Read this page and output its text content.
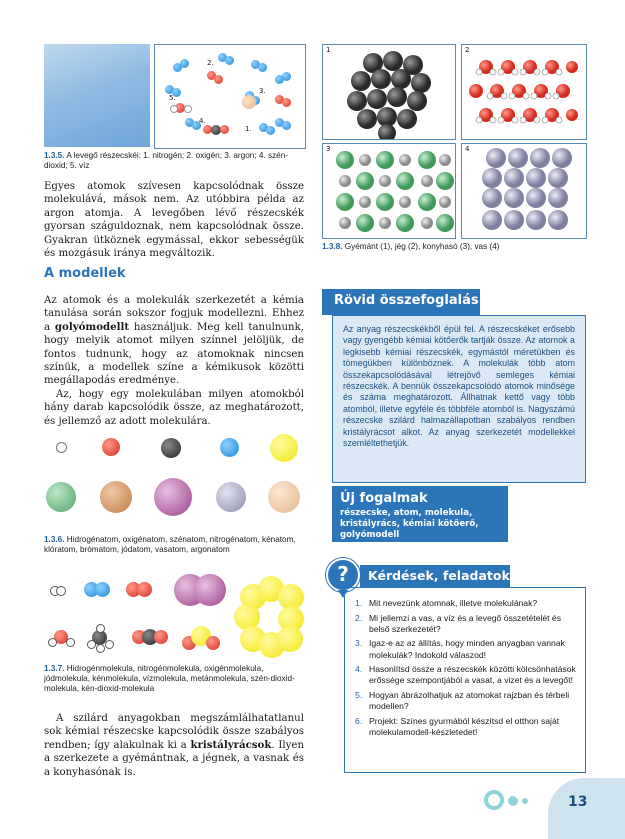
2.
3.
4.
5.
1.
1.3.5. A levegő részecskéi: 1. nitrogén; 2. oxigén; 3. argon; 4. szén-dioxid; 5. víz

Egyes atomok szívesen kapcsolódnak össze molekulává, mások nem. Az utóbbira példa az argon atomja. A levegőben lévő részecskék gyorsan száguldoznak, nem kapcsolódnak össze. Gyakran ütköznek egymással, ekkor sebességük és mozgásuk iránya megváltozik.

A modellek

Az atomok és a molekulák szerkezetét a kémia tanulása során sokszor fogjuk modellezni. Ehhez a golyómodellt használjuk. Meg kell tanulnunk, hogy melyik atomot milyen színnel jelöljük, de fontos tudnunk, hogy az atomoknak nincsen színük, a modellek színe a kémikusok közötti megállapodás eredménye.

Az, hogy egy molekulában milyen atomokból hány darab kapcsolódik össze, az meghatározott, és jellemző az adott molekulára.

1.3.6. Hidrogénatom, oxigénatom, szénatom, nitrogénatom, kénatom, klóratom, brómatom, jódatom, vasatom, argonatom
1.3.7. Hidrogénmolekula, nitrogénmolekula, oxigénmolekula, jódmolekula, kénmolekula, vízmolekula, metánmolekula, szén-dioxid-molekula, kén-dioxid-molekula

A szilárd anyagokban megszámlálhatatlanul sok kémiai részecske kapcsolódik össze szabályos rendben; így alakulnak ki a kristályrácsok. Ilyen a szerkezete a gyémántnak, a jégnek, a vasnak és a konyhasónak is.

1	2
3	4
1.3.8. Gyémánt (1), jég (2), konyhasó (3), vas (4)
Rövid összefoglalás

Az anyag részecskékből épül fel. A részecskéket erősebb vagy gyengébb kémiai kötőerők tartják össze. Az atomok a legkisebb kémiai részecskék, egymástól méretükben és tömegükben különböznek. A molekulák több atom összekapcsolódásával létrejövő semleges kémiai részecskék. A bennük összekapcsolódó atomok minősége és száma meghatározott. Állhatnak kettő vagy több atomból, illetve egyféle és többféle atomból is. Nagyszámú részecske szilárd halmazállapotban szabályos rendben kristályrácsot alkot. Az anyag szerkezetét modellekkel szemléltethetjük.

Új fogalmak
részecske, atom, molekula, kristályrács, kémiai kötőerő, golyómodell
?	Kérdések, feladatok
1. Mit nevezünk atomnak, illetve molekulának?
2. Mi jellemzi a vas, a víz és a levegő összetételét és belső szerkezetét?
3. Igaz-e az az állítás, hogy minden anyagban vannak molekulák? Indokold válaszod!
4. Hasonlítsd össze a részecskék közötti kölcsönhatások erőssége szempontjából a vasat, a vizet és a levegőt!
5. Hogyan ábrázolhatjuk az atomokat rajzban és térbeli modellen?
6. Projekt: Színes gyurmából készítsd el otthon saját molekulamodell-készletedet!
13
